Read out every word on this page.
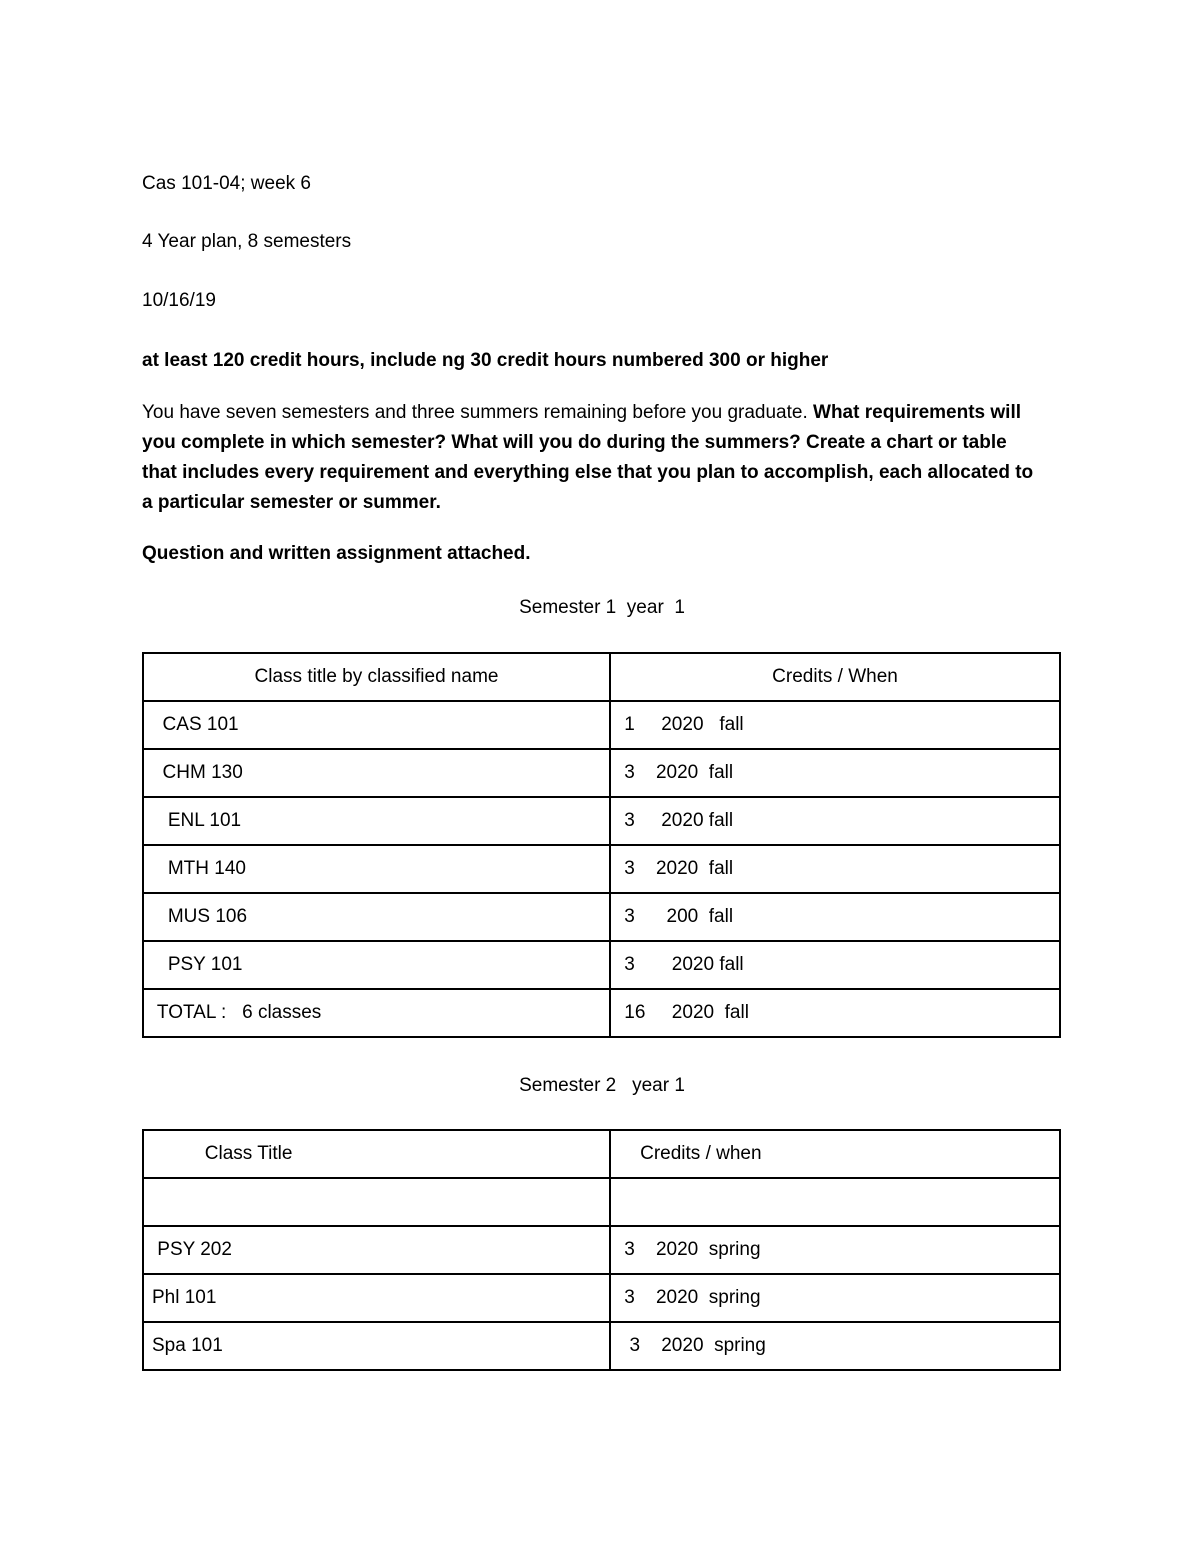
Cas 101-04; week 6
4 Year plan, 8 semesters
10/16/19
at least 120 credit hours, include ng 30 credit hours numbered 300 or higher
You have seven semesters and three summers remaining before you graduate. What requirements will you complete in which semester? What will you do during the summers? Create a chart or table that includes every requirement and everything else that you plan to accomplish, each allocated to a particular semester or summer.
Question and written assignment attached.
Semester 1  year  1
Class title by classified name	Credits / When
CAS 101	1     2020   fall
CHM 130	3    2020  fall
ENL 101	3     2020 fall
MTH 140	3    2020  fall
MUS 106	3      200  fall
PSY 101	3       2020 fall
TOTAL :   6 classes	16     2020  fall
Semester 2   year 1
Class Title	Credits / when

PSY 202	3    2020  spring
Phl 101	3    2020  spring
Spa 101	3    2020  spring
